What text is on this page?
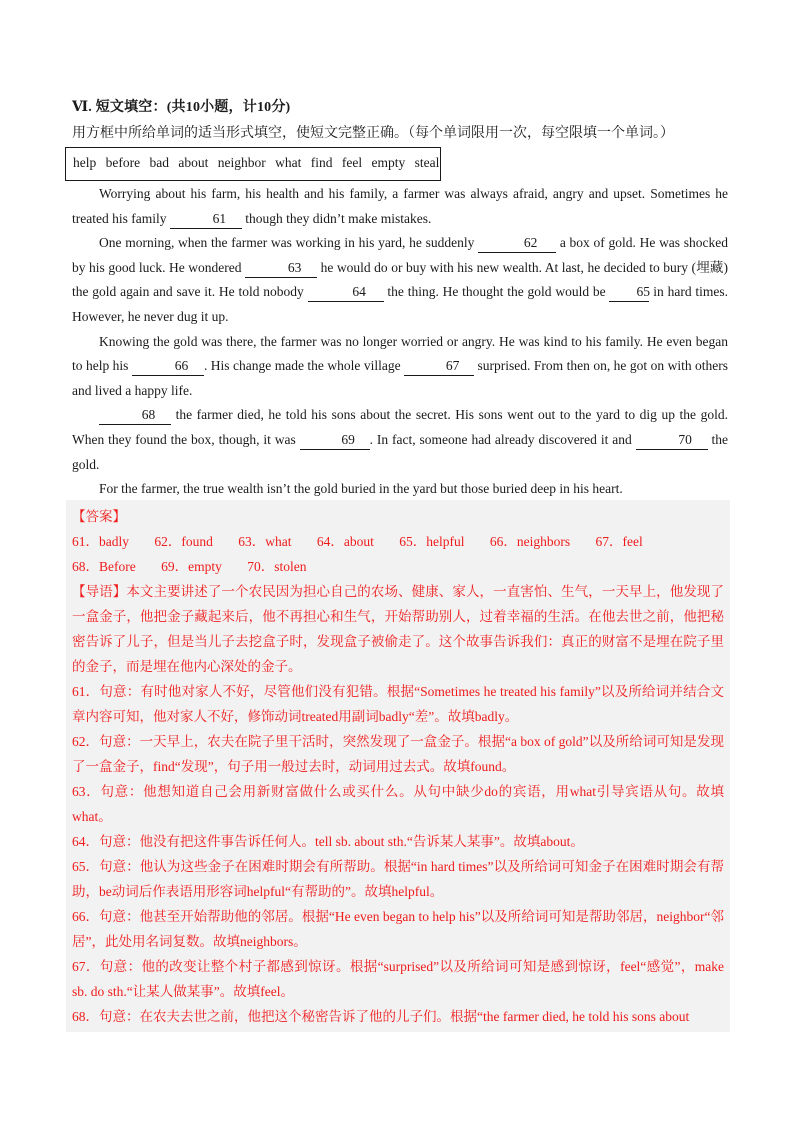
Ⅵ. 短文填空：(共10小题，计10分)
用方框中所给单词的适当形式填空，使短文完整正确。（每个单词限用一次，每空限填一个单词。）
help before bad about neighbor what find feel empty steal

Worrying about his farm, his health and his family, a farmer was always afraid, angry and upset. Sometimes he treated his family	61 though they didn’t make mistakes.

One morning, when the farmer was working in his yard, he suddenly	62 a box of gold. He was shocked by his good luck. He wondered	63 he would do or buy with his new wealth. At last, he decided to bury (埋藏) the gold again and save it. He told nobody	64 the thing. He thought the gold would be 65 in hard times. However, he never dug it up.

Knowing the gold was there, the farmer was no longer worried or angry. He was kind to his family. He even began to help his	66 . His change made the whole village	67 surprised. From then on, he got on with others and lived a happy life.

68 the farmer died, he told his sons about the secret. His sons went out to the yard to dig up the gold. When they found the box, though, it was	69 . In fact, someone had already discovered it and	70 the gold.

For the farmer, the true wealth isn’t the gold buried in the yard but those buried deep in his heart.

【答案】
61．badly 62．found 63．what 64．about 65．helpful 66．neighbors 67．feel
68．Before 69．empty 70．stolen
【导语】本文主要讲述了一个农民因为担心自己的农场、健康、家人，一直害怕、生气，一天早上，他发现了一盒金子，他把金子藏起来后，他不再担心和生气，开始帮助别人，过着幸福的生活。在他去世之前，他把秘密告诉了儿子，但是当儿子去挖盒子时，发现盒子被偷走了。这个故事告诉我们：真正的财富不是埋在院子里的金子，而是埋在他内心深处的金子。

61．句意：有时他对家人不好，尽管他们没有犯错。根据“Sometimes he treated his family”以及所给词并结合文章内容可知，他对家人不好，修饰动词treated用副词badly“差”。故填badly。

62．句意：一天早上，农夫在院子里干活时，突然发现了一盒金子。根据“a box of gold”以及所给词可知是发现了一盒金子，find“发现”，句子用一般过去时，动词用过去式。故填found。

63．句意：他想知道自己会用新财富做什么或买什么。从句中缺少do的宾语，用what引导宾语从句。故填what。

64．句意：他没有把这件事告诉任何人。tell sb. about sth.“告诉某人某事”。故填about。

65．句意：他认为这些金子在困难时期会有所帮助。根据“in hard times”以及所给词可知金子在困难时期会有帮助，be动词后作表语用形容词helpful“有帮助的”。故填helpful。

66．句意：他甚至开始帮助他的邻居。根据“He even began to help his”以及所给词可知是帮助邻居，neighbor“邻居”，此处用名词复数。故填neighbors。

67．句意：他的改变让整个村子都感到惊讶。根据“surprised”以及所给词可知是感到惊讶，feel“感觉”，make sb. do sth.“让某人做某事”。故填feel。

68．句意：在农夫去世之前，他把这个秘密告诉了他的儿子们。根据“the farmer died, he told his sons about
